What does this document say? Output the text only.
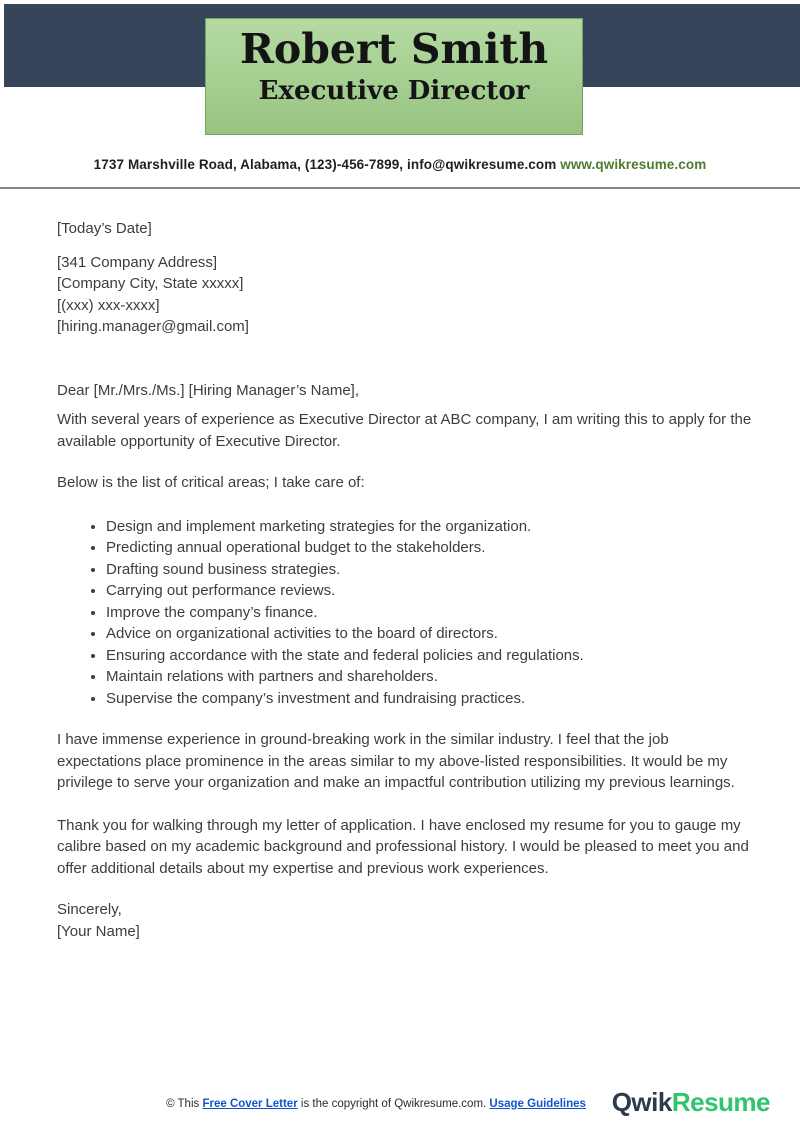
Robert Smith
Executive Director
1737 Marshville Road, Alabama, (123)-456-7899, info@qwikresume.com www.qwikresume.com

[Today’s Date]

[341 Company Address]
[Company City, State xxxxx]
[(xxx) xxx-xxxx]
[hiring.manager@gmail.com]

Dear [Mr./Mrs./Ms.] [Hiring Manager’s Name],

With several years of experience as Executive Director at ABC company, I am writing this to apply for the available opportunity of Executive Director.

Below is the list of critical areas; I take care of:

• Design and implement marketing strategies for the organization.
• Predicting annual operational budget to the stakeholders.
• Drafting sound business strategies.
• Carrying out performance reviews.
• Improve the company’s finance.
• Advice on organizational activities to the board of directors.
• Ensuring accordance with the state and federal policies and regulations.
• Maintain relations with partners and shareholders.
• Supervise the company’s investment and fundraising practices.

I have immense experience in ground-breaking work in the similar industry. I feel that the job expectations place prominence in the areas similar to my above-listed responsibilities. It would be my privilege to serve your organization and make an impactful contribution utilizing my previous learnings.

Thank you for walking through my letter of application. I have enclosed my resume for you to gauge my calibre based on my academic background and professional history. I would be pleased to meet you and offer additional details about my expertise and previous work experiences.

Sincerely,

[Your Name]

© This Free Cover Letter is the copyright of Qwikresume.com. Usage Guidelines QwikResume
